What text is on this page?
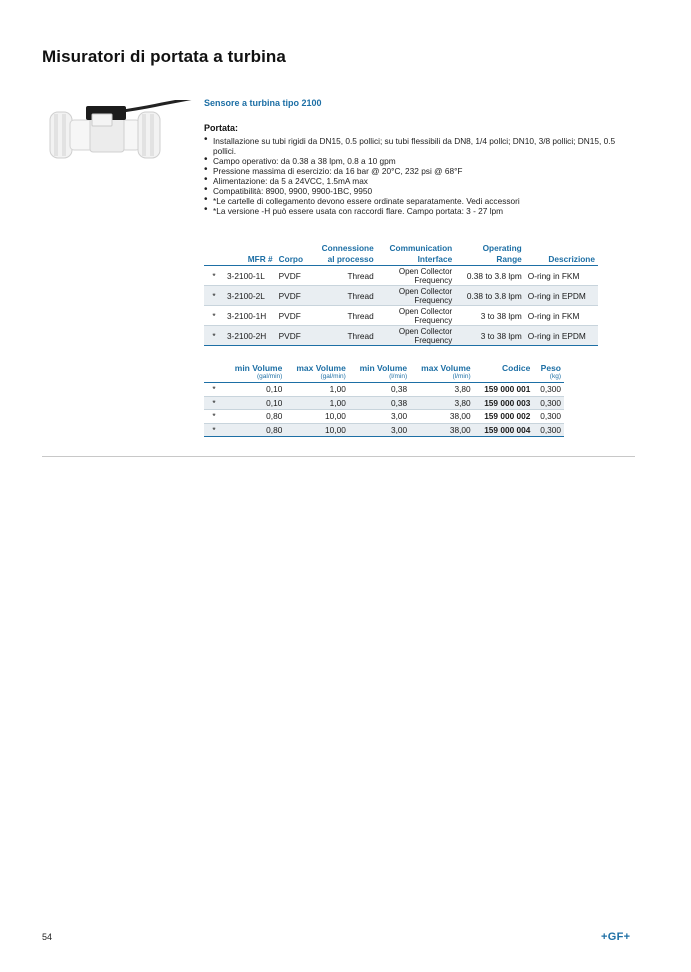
Misuratori di portata a turbina
Sensore a turbina tipo 2100
Portata:
• Installazione su tubi rigidi da DN15, 0.5 pollici; su tubi flessibili da DN8, 1/4 pollci; DN10, 3/8 pollici; DN15, 0.5 pollici.
• Campo operativo: da 0.38 a 38 lpm, 0.8 a 10 gpm
• Pressione massima di esercizio: da 16 bar @ 20°C, 232 psi @ 68°F
• Alimentazione: da 5 a 24VCC, 1.5mA max
• Compatibilità: 8900, 9900, 9900-1BC, 9950
• *Le cartelle di collegamento devono essere ordinate separatamente. Vedi accessori
• *La versione -H può essere usata con raccordi flare. Campo portata: 3 - 27 lpm
	MFR #	Corpo	Connessione
al processo	Communication
Interface	Operating
Range	Descrizione
*	3-2100-1L	PVDF	Thread	Open Collector
Frequency	0.38 to 3.8 lpm	O-ring in FKM
*	3-2100-2L	PVDF	Thread	Open Collector
Frequency	0.38 to 3.8 lpm	O-ring in EPDM
*	3-2100-1H	PVDF	Thread	Open Collector
Frequency	3 to 38 lpm	O-ring in FKM
*	3-2100-2H	PVDF	Thread	Open Collector
Frequency	3 to 38 lpm	O-ring in EPDM
	min Volume	max Volume	min Volume	max Volume	Codice	Peso
	(gal/min)	(gal/min)	(l/min)	(l/min)		(kg)
*	0,10	1,00	0,38	3,80	159 000 001	0,300
*	0,10	1,00	0,38	3,80	159 000 003	0,300
*	0,80	10,00	3,00	38,00	159 000 002	0,300
*	0,80	10,00	3,00	38,00	159 000 004	0,300
54	+GF+
